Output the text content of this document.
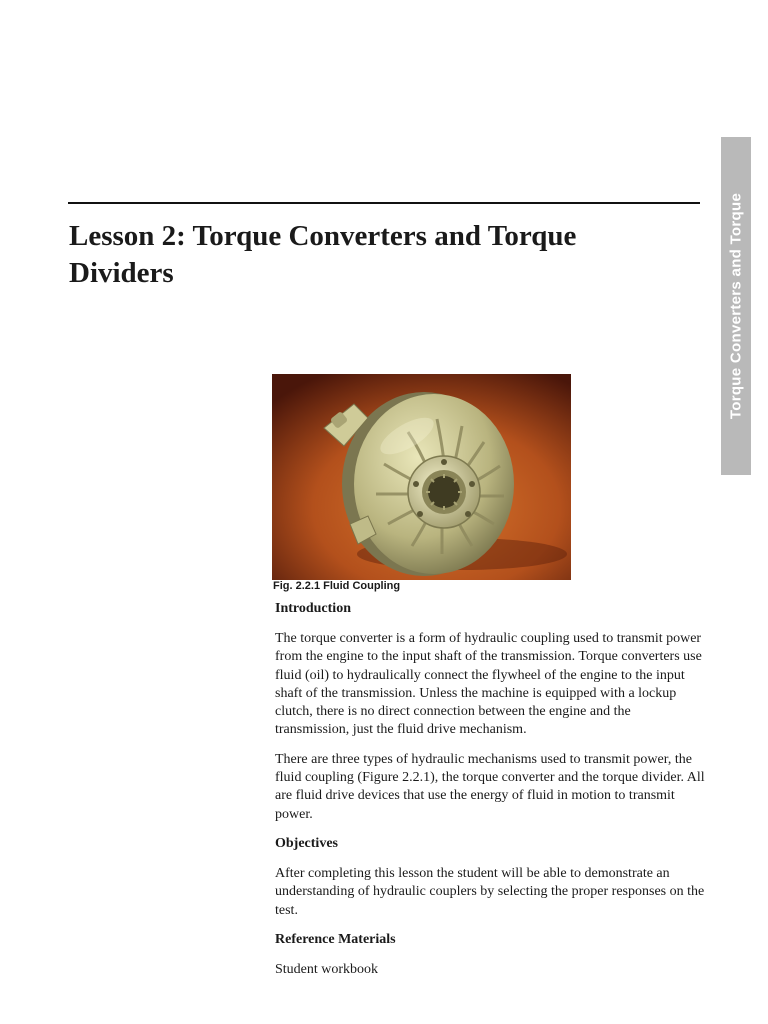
Lesson 2: Torque Converters and Torque Dividers	Torque Converters and Torque

Fig. 2.2.1 Fluid Coupling

Introduction

The torque converter is a form of hydraulic coupling used to transmit power from the engine to the input shaft of the transmission. Torque converters use fluid (oil) to hydraulically connect the flywheel of the engine to the input shaft of the transmission. Unless the machine is equipped with a lockup clutch, there is no direct connection between the engine and the transmission, just the fluid drive mechanism.

There are three types of hydraulic mechanisms used to transmit power, the fluid coupling (Figure 2.2.1), the torque converter and the torque divider. All are fluid drive devices that use the energy of fluid in motion to transmit power.

Objectives

After completing this lesson the student will be able to demonstrate an understanding of hydraulic couplers by selecting the proper responses on the test.

Reference Materials

Student workbook
